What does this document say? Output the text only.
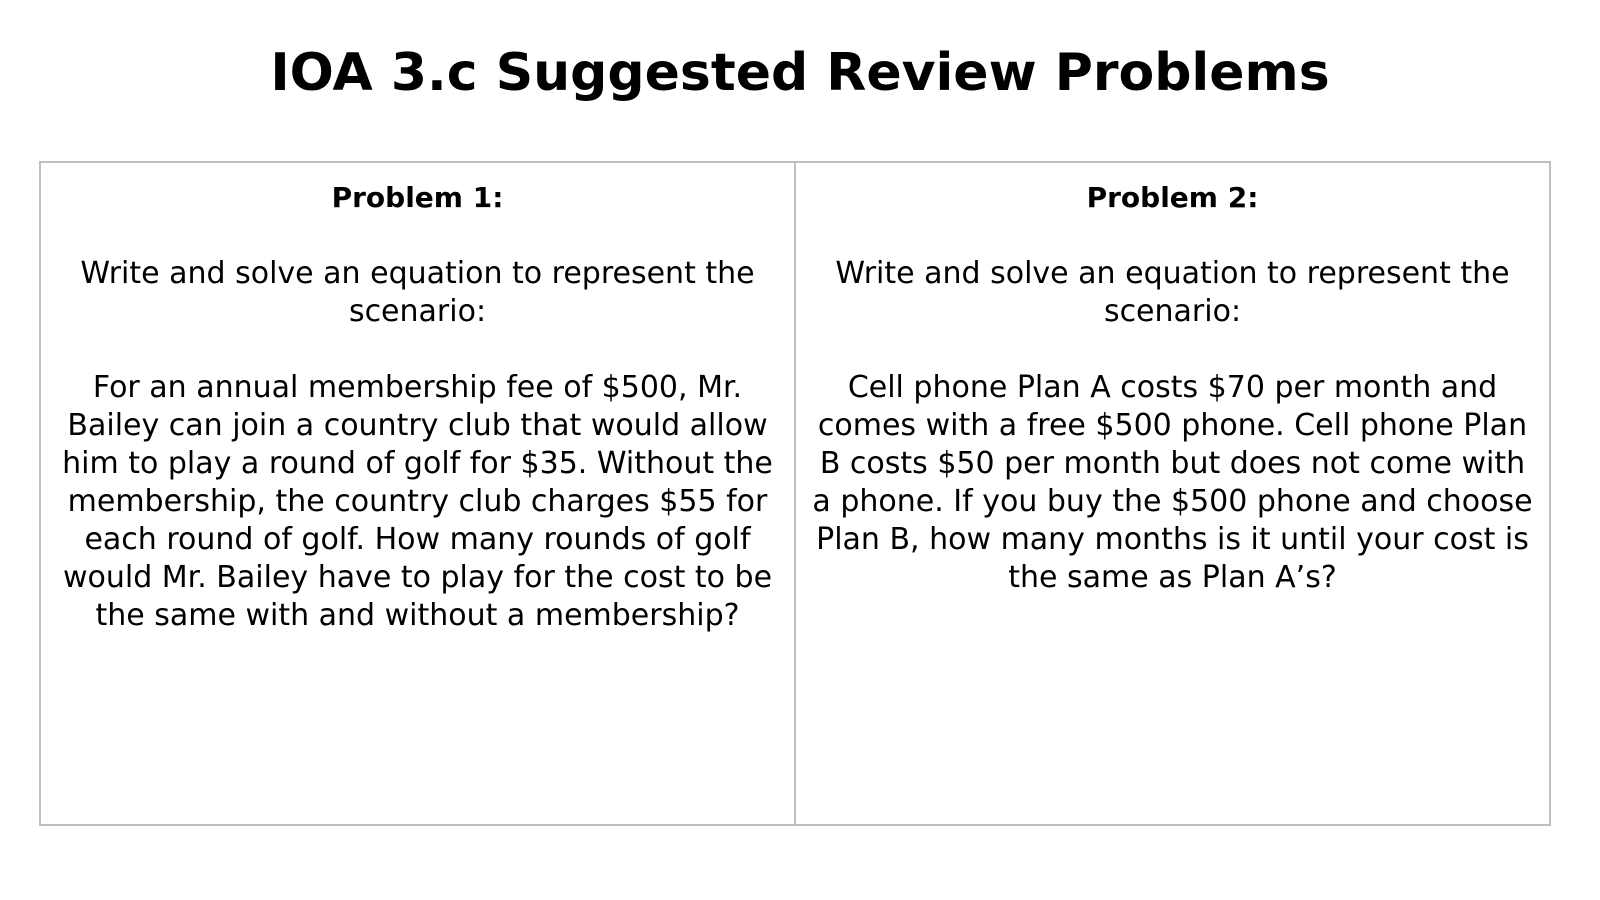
IOA 3.c Suggested Review Problems

Problem 1:

Write and solve an equation to represent the scenario:

For an annual membership fee of $500, Mr. Bailey can join a country club that would allow him to play a round of golf for $35. Without the membership, the country club charges $55 for each round of golf. How many rounds of golf would Mr. Bailey have to play for the cost to be the same with and without a membership?

Problem 2:

Write and solve an equation to represent the scenario:

Cell phone Plan A costs $70 per month and comes with a free $500 phone. Cell phone Plan B costs $50 per month but does not come with a phone. If you buy the $500 phone and choose Plan B, how many months is it until your cost is the same as Plan A’s?
